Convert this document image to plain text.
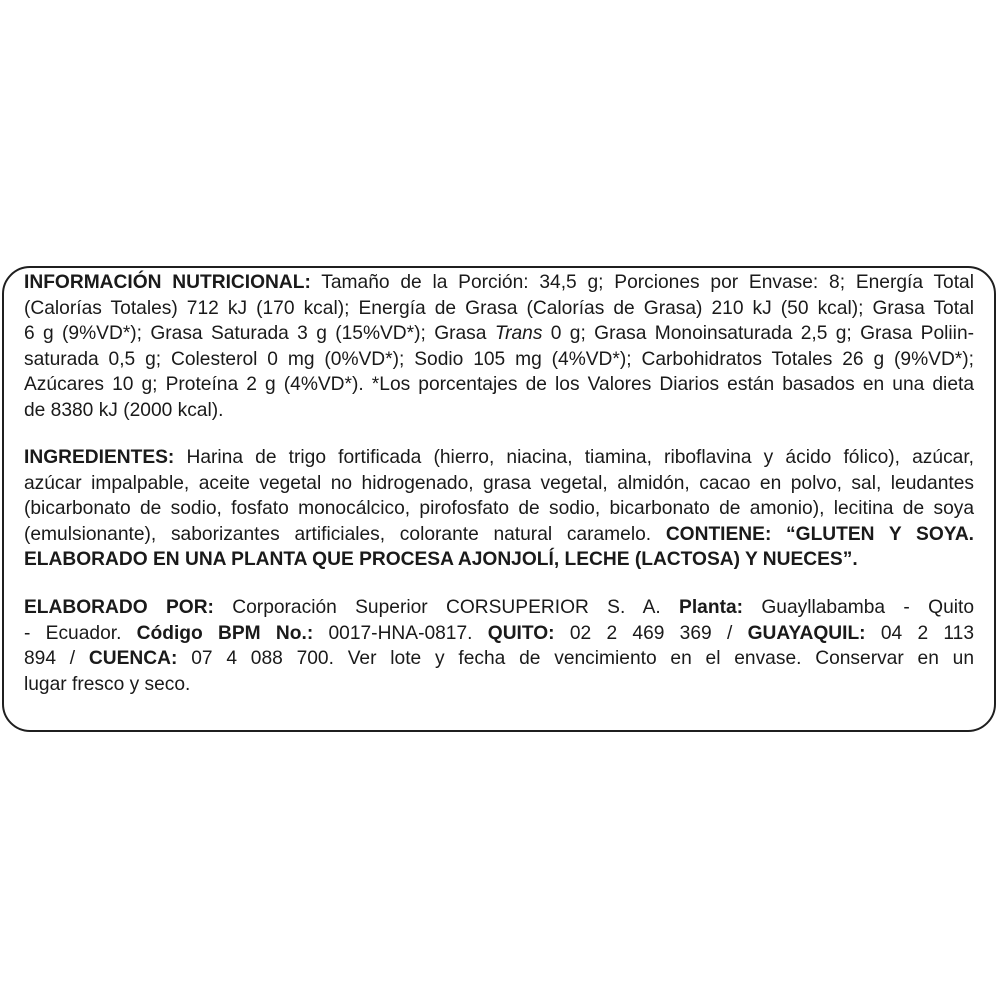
INFORMACIÓN NUTRICIONAL: Tamaño de la Porción: 34,5 g; Porciones por Envase: 8; Energía Total
(Calorías Totales) 712 kJ (170 kcal); Energía de Grasa (Calorías de Grasa) 210 kJ (50 kcal); Grasa Total
6 g (9%VD*); Grasa Saturada 3 g (15%VD*); Grasa Trans 0 g; Grasa Monoinsaturada 2,5 g; Grasa Poliin-
saturada 0,5 g; Colesterol 0 mg (0%VD*); Sodio 105 mg (4%VD*); Carbohidratos Totales 26 g (9%VD*);
Azúcares 10 g; Proteína 2 g (4%VD*). *Los porcentajes de los Valores Diarios están basados en una dieta
de 8380 kJ (2000 kcal).

INGREDIENTES: Harina de trigo fortificada (hierro, niacina, tiamina, riboflavina y ácido fólico), azúcar,
azúcar impalpable, aceite vegetal no hidrogenado, grasa vegetal, almidón, cacao en polvo, sal, leudantes
(bicarbonato de sodio, fosfato monocálcico, pirofosfato de sodio, bicarbonato de amonio), lecitina de soya
(emulsionante), saborizantes artificiales, colorante natural caramelo. CONTIENE: “GLUTEN Y SOYA.
ELABORADO EN UNA PLANTA QUE PROCESA AJONJOLÍ, LECHE (LACTOSA) Y NUECES”.

ELABORADO POR: Corporación Superior CORSUPERIOR S. A. Planta: Guayllabamba - Quito
- Ecuador. Código BPM No.: 0017-HNA-0817. QUITO: 02 2 469 369 / GUAYAQUIL: 04 2 113
894 / CUENCA: 07 4 088 700. Ver lote y fecha de vencimiento en el envase. Conservar en un
lugar fresco y seco.
